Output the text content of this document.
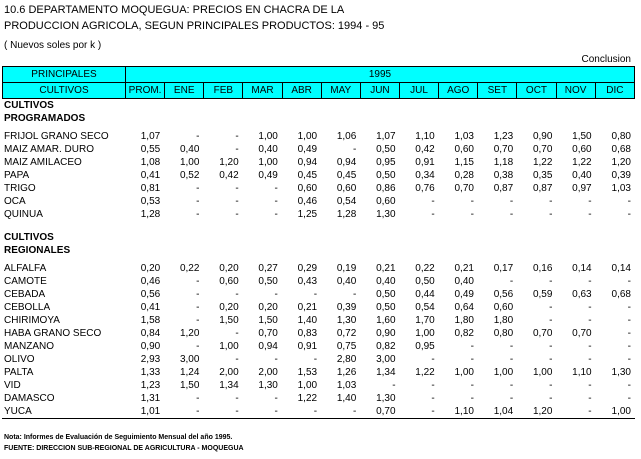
10.6 DEPARTAMENTO MOQUEGUA: PRECIOS EN CHACRA DE LA
PRODUCCION AGRICOLA, SEGUN PRINCIPALES PRODUCTOS: 1994 - 95
( Nuevos soles por k )
Conclusion
PRINCIPALES	1995												
CULTIVOS	PROM.	ENE	FEB	MAR	ABR	MAY	JUN	JUL	AGO	SET	OCT	NOV	DIC
CULTIVOS													
PROGRAMADOS													

FRIJOL GRANO SECO	1,07	-	-	1,00	1,00	1,06	1,07	1,10	1,03	1,23	0,90	1,50	0,80
MAIZ AMAR. DURO	0,55	0,40	-	0,40	0,49	-	0,50	0,42	0,60	0,70	0,70	0,60	0,68
MAIZ AMILACEO	1,08	1,00	1,20	1,00	0,94	0,94	0,95	0,91	1,15	1,18	1,22	1,22	1,20
PAPA	0,41	0,52	0,42	0,49	0,45	0,45	0,50	0,34	0,28	0,38	0,35	0,40	0,39
TRIGO	0,81	-	-	-	0,60	0,60	0,86	0,76	0,70	0,87	0,87	0,97	1,03
OCA	0,53	-	-	-	0,46	0,54	0,60	-	-	-	-	-	-
QUINUA	1,28	-	-	-	1,25	1,28	1,30	-	-	-	-	-	-

CULTIVOS													
REGIONALES													

ALFALFA	0,20	0,22	0,20	0,27	0,29	0,19	0,21	0,22	0,21	0,17	0,16	0,14	0,14
CAMOTE	0,46	-	0,60	0,50	0,43	0,40	0,40	0,50	0,40	-	-	-	-
CEBADA	0,56	-	-	-	-	-	0,50	0,44	0,49	0,56	0,59	0,63	0,68
CEBOLLA	0,41	-	0,20	0,20	0,21	0,39	0,50	0,54	0,64	0,60	-	-	-
CHIRIMOYA	1,58	-	1,50	1,50	1,40	1,30	1,60	1,70	1,80	1,80	-	-	-
HABA GRANO SECO	0,84	1,20	-	0,70	0,83	0,72	0,90	1,00	0,82	0,80	0,70	0,70	-
MANZANO	0,90	-	1,00	0,94	0,91	0,75	0,82	0,95	-	-	-	-	-
OLIVO	2,93	3,00	-	-	-	2,80	3,00	-	-	-	-	-	-
PALTA	1,33	1,24	2,00	2,00	1,53	1,26	1,34	1,22	1,00	1,00	1,00	1,10	1,30
VID	1,23	1,50	1,34	1,30	1,00	1,03	-	-	-	-	-	-	-
DAMASCO	1,31	-	-	-	1,22	1,40	1,30	-	-	-	-	-	-
YUCA	1,01	-	-	-	-	-	0,70	-	1,10	1,04	1,20	-	1,00
Nota: Informes de Evaluación de Seguimiento Mensual del año 1995.
FUENTE: DIRECCION SUB-REGIONAL DE AGRICULTURA - MOQUEGUA
